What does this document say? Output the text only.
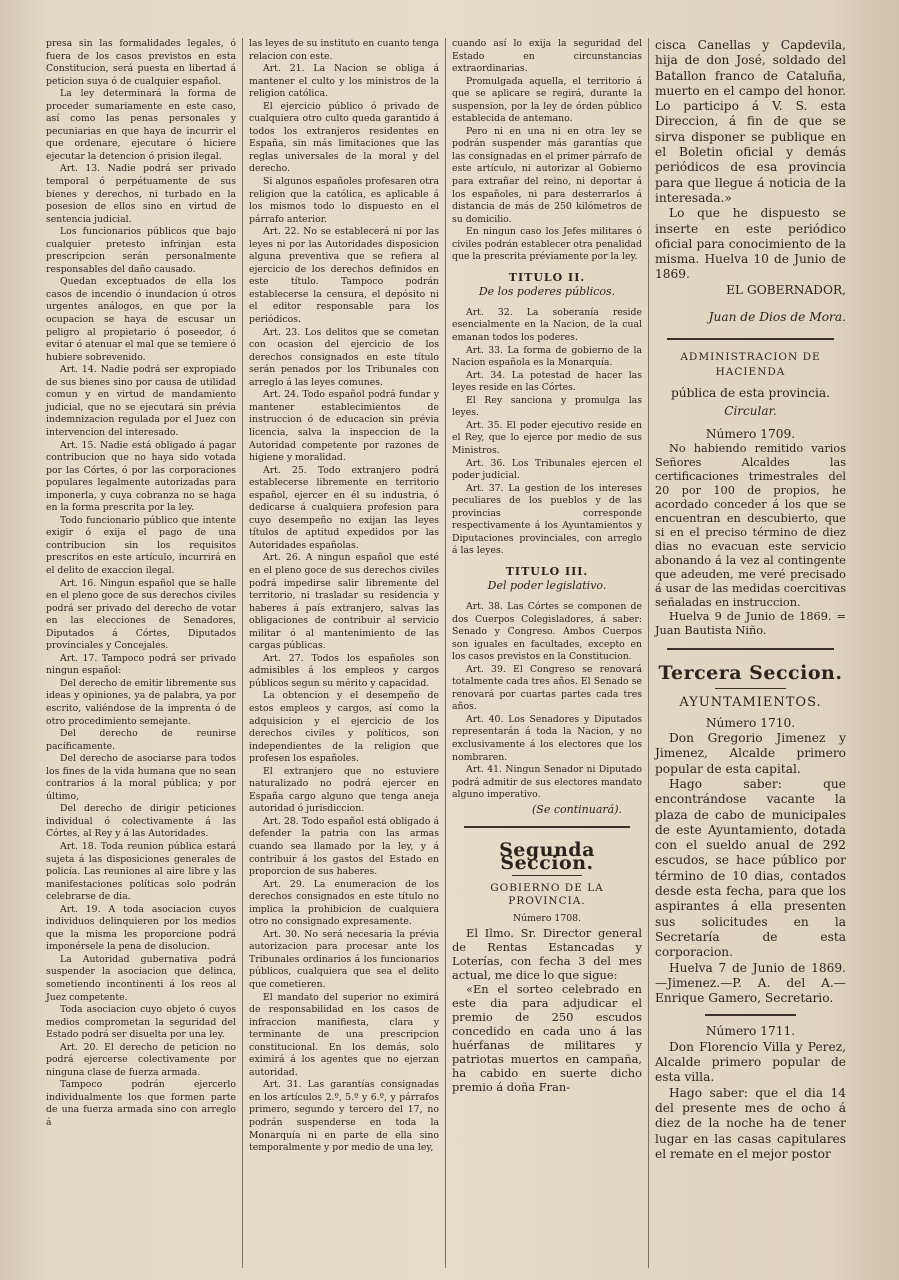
presa sin las formalidades legales, ó fuera de los casos previstos en esta Constitucion, será puesta en libertad á peticion suya ó de cualquier español.

La ley determinará la forma de proceder sumariamente en este caso, así como las penas personales y pecuniarias en que haya de incurrir el que ordenare, ejecutare ó hiciere ejecutar la detencion ó prision ilegal.

Art. 13. Nadie podrá ser privado temporal ó perpétuamente de sus bienes y derechos, ni turbado en la posesion de ellos sino en virtud de sentencia judicial.

Los funcionarios públicos que bajo cualquier pretesto infrinjan esta prescripcion serán personalmente responsables del daño causado.

Quedan exceptuados de ella los casos de incendio ó inundacion ú otros urgentes análogos, en que por la ocupacion se haya de escusar un peligro al propietario ó poseedor, ó evitar ó atenuar el mal que se temiere ó hubiere sobrevenido.

Art. 14. Nadie podrá ser expropiado de sus bienes sino por causa de utilidad comun y en virtud de mandamiento judicial, que no se ejecutará sin prévia indemnizacion regulada por el Juez con intervencion del interesado.

Art. 15. Nadie está obligado á pagar contribucion que no haya sido votada por las Córtes, ó por las corporaciones populares legalmente autorizadas para imponerla, y cuya cobranza no se haga en la forma prescrita por la ley.

Todo funcionario público que intente exigir ó exija el pago de una contribucion sin los requisitos prescritos en este artículo, incurrirá en el delito de exaccion ilegal.

Art. 16. Ningun español que se halle en el pleno goce de sus derechos civiles podrá ser privado del derecho de votar en las elecciones de Senadores, Diputados á Córtes, Diputados provinciales y Concejales.

Art. 17. Tampoco podrá ser privado ningun español:

Del derecho de emitir libremente sus ideas y opiniones, ya de palabra, ya por escrito, valiéndose de la imprenta ó de otro procedimiento semejante.

Del derecho de reunirse pacíficamente.

Del derecho de asociarse para todos los fines de la vida humana que no sean contrarios á la moral pública; y por último,

Del derecho de dirigir peticiones individual ó colectivamente á las Córtes, al Rey y á las Autoridades.

Art. 18. Toda reunion pública estará sujeta á las disposiciones generales de policía. Las reuniones al aire libre y las manifestaciones políticas solo podrán celebrarse de dia.

Art. 19. A toda asociacion cuyos individuos delinquieren por los medios que la misma les proporcione podrá imponérsele la pena de disolucion.

La Autoridad gubernativa podrá suspender la asociacion que delinca, sometiendo incontinenti á los reos al Juez competente.

Toda asociacion cuyo objeto ó cuyos medios comprometan la seguridad del Estado podrá ser disuelta por una ley.

Art. 20. El derecho de peticion no podrá ejercerse colectivamente por ninguna clase de fuerza armada.

Tampoco podrán ejercerlo individualmente los que formen parte de una fuerza armada sino con arreglo á

las leyes de su instituto en cuanto tenga relacion con este.

Art. 21. La Nacion se obliga á mantener el culto y los ministros de la religion católica.

El ejercicio público ó privado de cualquiera otro culto queda garantido á todos los extranjeros residentes en España, sin más limitaciones que las reglas universales de la moral y del derecho.

Si algunos españoles profesaren otra religion que la católica, es aplicable á los mismos todo lo dispuesto en el párrafo anterior.

Art. 22. No se establecerá ni por las leyes ni por las Autoridades disposicion alguna preventiva que se refiera al ejercicio de los derechos definidos en este título. Tampoco podrán establecerse la censura, el depósito ni el editor responsable para los periódicos.

Art. 23. Los delitos que se cometan con ocasion del ejercicio de los derechos consignados en este título serán penados por los Tribunales con arreglo á las leyes comunes.

Art. 24. Todo español podrá fundar y mantener establecimientos de instruccion ó de educacion sin prévia licencia, salva la inspeccion de la Autoridad competente por razones de higiene y moralidad.

Art. 25. Todo extranjero podrá establecerse libremente en territorio español, ejercer en él su industria, ó dedicarse á cualquiera profesion para cuyo desempeño no exijan las leyes títulos de aptitud expedidos por las Autoridades españolas.

Art. 26. A ningun español que esté en el pleno goce de sus derechos civiles podrá impedirse salir libremente del territorio, ni trasladar su residencia y haberes á país extranjero, salvas las obligaciones de contribuir al servicio militar ó al mantenimiento de las cargas públicas.

Art. 27. Todos los españoles son admisibles á los empleos y cargos públicos segun su mérito y capacidad.

La obtencion y el desempeño de estos empleos y cargos, así como la adquisicion y el ejercicio de los derechos civiles y políticos, son independientes de la religion que profesen los españoles.

El extranjero que no estuviere naturalizado no podrá ejercer en España cargo alguno que tenga aneja autoridad ó jurisdiccion.

Art. 28. Todo español está obligado á defender la patria con las armas cuando sea llamado por la ley, y á contribuir á los gastos del Estado en proporcion de sus haberes.

Art. 29. La enumeracion de los derechos consignados en este título no implica la prohibicion de cualquiera otro no consignado expresamente.

Art. 30. No será necesaria la prévia autorizacion para procesar ante los Tribunales ordinarios á los funcionarios públicos, cualquiera que sea el delito que cometieren.

El mandato del superior no eximirá de responsabilidad en los casos de infraccion manifiesta, clara y terminante de una prescripcion constitucional. En los demás, solo eximirá á los agentes que no ejerzan autoridad.

Art. 31. Las garantías consignadas en los artículos 2.º, 5.º y 6.º, y párrafos primero, segundo y tercero del 17, no podrán suspenderse en toda la Monarquía ni en parte de ella sino temporalmente y por medio de una ley,

cuando así lo exija la seguridad del Estado en circunstancias extraordinarias.

Promulgada aquella, el territorio á que se aplicare se regirá, durante la suspension, por la ley de órden público establecida de antemano.

Pero ni en una ni en otra ley se podrán suspender más garantías que las consignadas en el primer párrafo de este artículo, ni autorizar al Gobierno para extrañar del reino, ni deportar á los españoles, ni para desterrarlos á distancia de más de 250 kilómetros de su domicilio.

En ningun caso los Jefes militares ó civiles podrán establecer otra penalidad que la prescrita préviamente por la ley.

TITULO II.
De los poderes públicos.

Art. 32. La soberanía reside esencialmente en la Nacion, de la cual emanan todos los poderes.

Art. 33. La forma de gobierno de la Nacion española es la Monarquía.

Art. 34. La potestad de hacer las leyes reside en las Córtes.

El Rey sanciona y promulga las leyes.

Art. 35. El poder ejecutivo reside en el Rey, que lo ejerce por medio de sus Ministros.

Art. 36. Los Tribunales ejercen el poder judicial.

Art. 37. La gestion de los intereses peculiares de los pueblos y de las provincias corresponde respectivamente á los Ayuntamientos y Diputaciones provinciales, con arreglo á las leyes.

TITULO III.
Del poder legislativo.

Art. 38. Las Córtes se componen de dos Cuerpos Colegisladores, á saber: Senado y Congreso. Ambos Cuerpos son iguales en facultades, excepto en los casos previstos en la Constitucion.

Art. 39. El Congreso se renovará totalmente cada tres años. El Senado se renovará por cuartas partes cada tres años.

Art. 40. Los Senadores y Diputados representarán á toda la Nacion, y no exclusivamente á los electores que los nombraren.

Art. 41. Ningun Senador ni Diputado podrá admitir de sus electores mandato alguno imperativo.

(Se continuará).
Segunda Seccion.
GOBIERNO DE LA PROVINCIA.
Número 1708.

El Ilmo. Sr. Director general de Rentas Estancadas y Loterías, con fecha 3 del mes actual, me dice lo que sigue:

«En el sorteo celebrado en este dia para adjudicar el premio de 250 escudos concedido en cada uno á las huérfanas de militares y patriotas muertos en campaña, ha cabido en suerte dicho premio á doña Fran-

cisca Canellas y Capdevila, hija de don José, soldado del Batallon franco de Cataluña, muerto en el campo del honor. Lo participo á V. S. esta Direccion, á fin de que se sirva disponer se publique en el Boletin oficial y demás periódicos de esa provincia para que llegue á noticia de la interesada.»

Lo que he dispuesto se inserte en este periódico oficial para conocimiento de la misma. Huelva 10 de Junio de 1869.

EL GOBERNADOR,

Juan de Dios de Mora.

ADMINISTRACION DE HACIENDA
pública de esta provincia.
Circular.
Número 1709.

No habiendo remitido varios Señores Alcaldes las certificaciones trimestrales del 20 por 100 de propios, he acordado conceder á los que se encuentran en descubierto, que si en el preciso término de diez dias no evacuan este servicio abonando á la vez al contingente que adeuden, me veré precisado á usar de las medidas coercitivas señaladas en instruccion.

Huelva 9 de Junio de 1869. = Juan Bautista Niño.

Tercera Seccion.
AYUNTAMIENTOS.
Número 1710.

Don Gregorio Jimenez y Jimenez, Alcalde primero popular de esta capital.

Hago saber: que encontrándose vacante la plaza de cabo de municipales de este Ayuntamiento, dotada con el sueldo anual de 292 escudos, se hace público por término de 10 dias, contados desde esta fecha, para que los aspirantes á ella presenten sus solicitudes en la Secretaría de esta corporacion.

Huelva 7 de Junio de 1869.—Jimenez.—P. A. del A.—Enrique Gamero, Secretario.

Número 1711.

Don Florencio Villa y Perez, Alcalde primero popular de esta villa.

Hago saber: que el dia 14 del presente mes de ocho á diez de la noche ha de tener lugar en las casas capitulares el remate en el mejor postor
